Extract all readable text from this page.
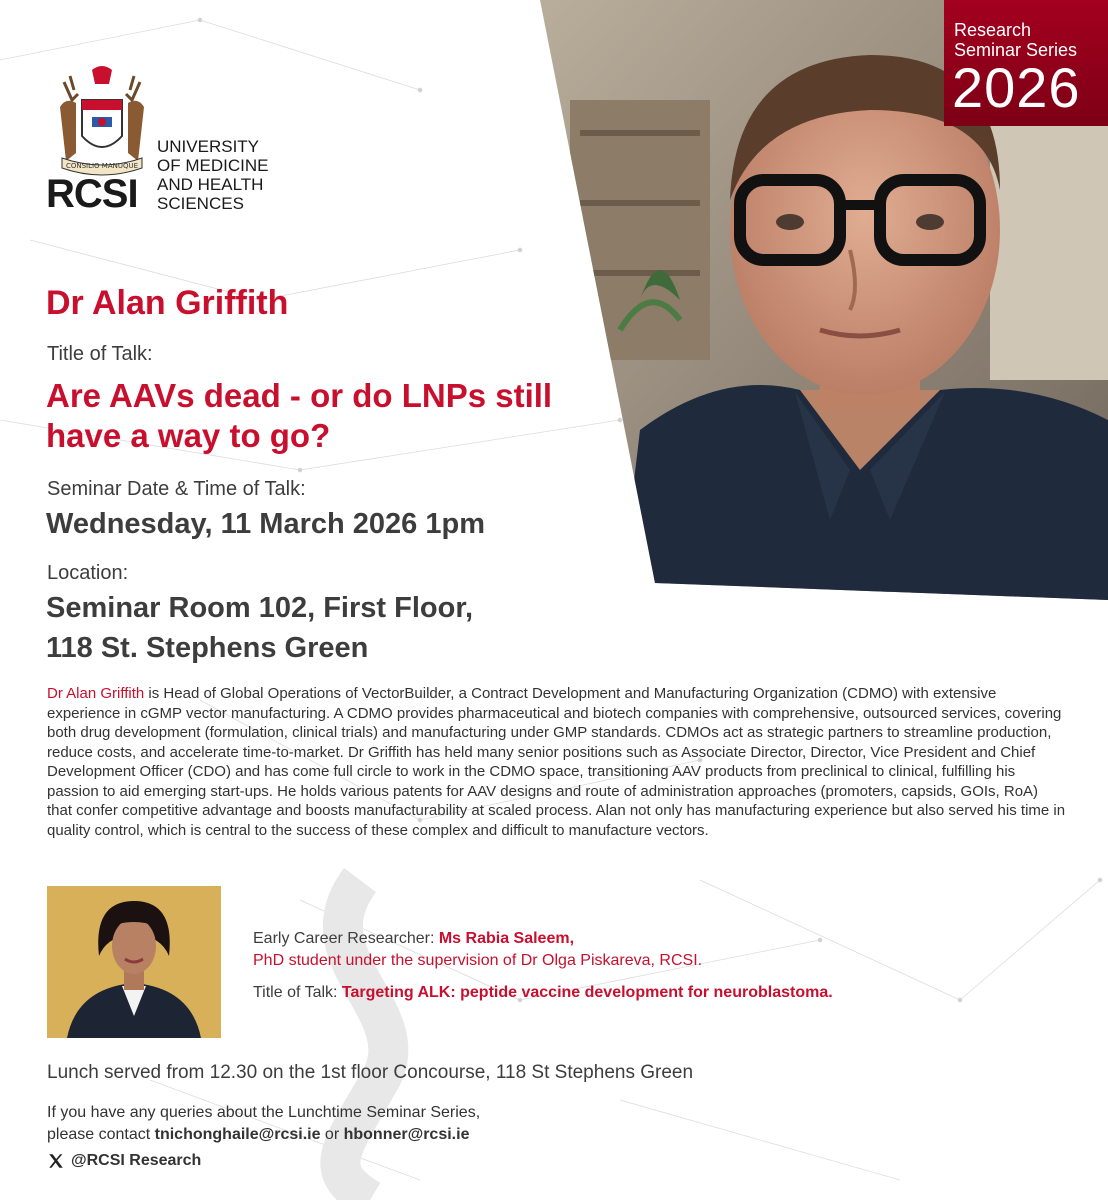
Research
Seminar Series
2026
CONSILIO MANUQUE
RCSI
UNIVERSITY
OF MEDICINE
AND HEALTH
SCIENCES
Dr Alan Griffith
Title of Talk:
Are AAVs dead - or do LNPs still have a way to go?
Seminar Date & Time of Talk:
Wednesday, 11 March 2026 1pm
Location:
Seminar Room 102, First Floor,
118 St. Stephens Green
Dr Alan Griffith is Head of Global Operations of VectorBuilder, a Contract Development and Manufacturing Organization (CDMO) with extensive experience in cGMP vector manufacturing. A CDMO provides pharmaceutical and biotech companies with comprehensive, outsourced services, covering both drug development (formulation, clinical trials) and manufacturing under GMP standards. CDMOs act as strategic partners to streamline production, reduce costs, and accelerate time-to-market. Dr Griffith has held many senior positions such as Associate Director, Director, Vice President and Chief Development Officer (CDO) and has come full circle to work in the CDMO space, transitioning AAV products from preclinical to clinical, fulfilling his passion to aid emerging start-ups. He holds various patents for AAV designs and route of administration approaches (promoters, capsids, GOIs, RoA) that confer competitive advantage and boosts manufacturability at scaled process. Alan not only has manufacturing experience but also served his time in quality control, which is central to the success of these complex and difficult to manufacture vectors.
Early Career Researcher: Ms Rabia Saleem,
PhD student under the supervision of Dr Olga Piskareva, RCSI.
Title of Talk: Targeting ALK: peptide vaccine development for neuroblastoma.
Lunch served from 12.30 on the 1st floor Concourse, 118 St Stephens Green
If you have any queries about the Lunchtime Seminar Series,
please contact tnichonghaile@rcsi.ie or hbonner@rcsi.ie
@RCSI Research
